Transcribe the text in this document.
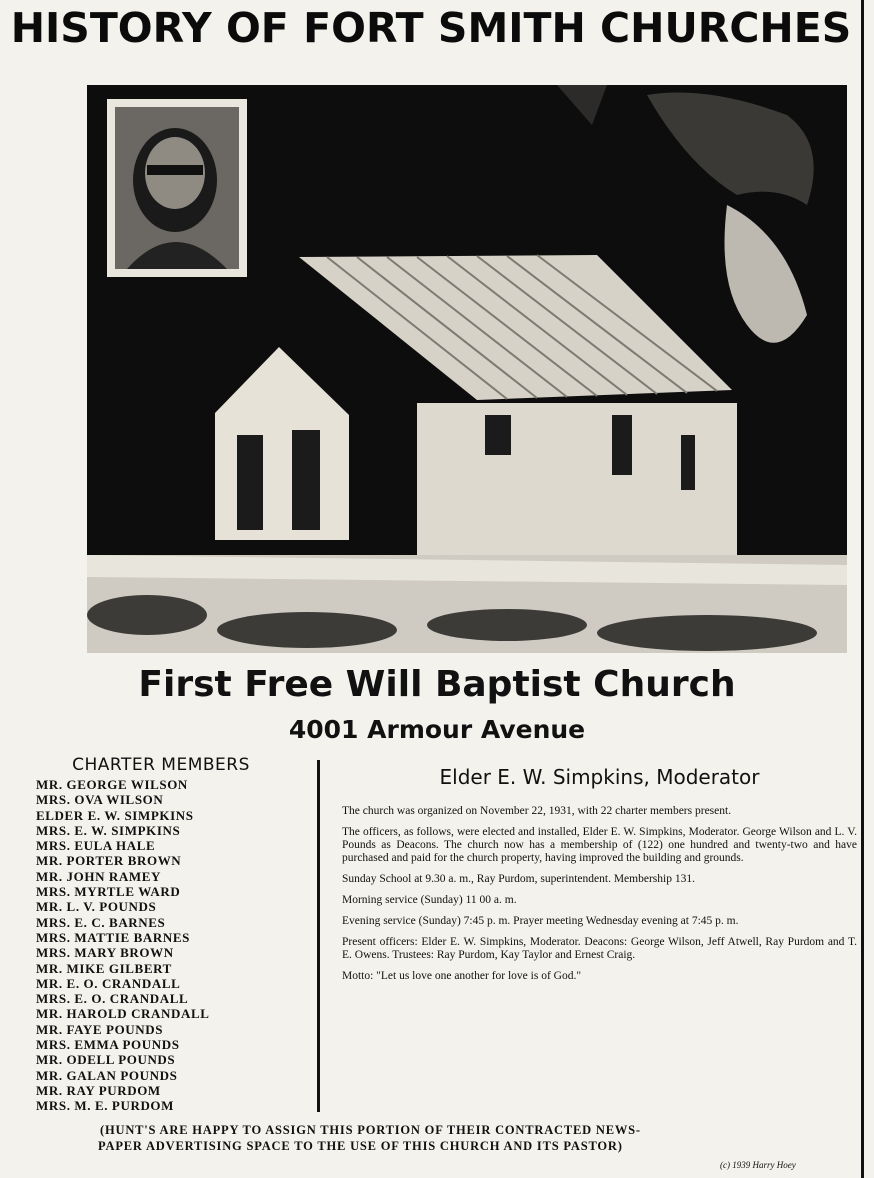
HISTORY OF FORT SMITH CHURCHES
First Free Will Baptist Church
4001 Armour Avenue
CHARTER MEMBERS
MR. GEORGE WILSON
MRS. OVA WILSON
ELDER E. W. SIMPKINS
MRS. E. W. SIMPKINS
MRS. EULA HALE
MR. PORTER BROWN
MR. JOHN RAMEY
MRS. MYRTLE WARD
MR. L. V. POUNDS
MRS. E. C. BARNES
MRS. MATTIE BARNES
MRS. MARY BROWN
MR. MIKE GILBERT
MR. E. O. CRANDALL
MRS. E. O. CRANDALL
MR. HAROLD CRANDALL
MR. FAYE POUNDS
MRS. EMMA POUNDS
MR. ODELL POUNDS
MR. GALAN POUNDS
MR. RAY PURDOM
MRS. M. E. PURDOM
Elder E. W. Simpkins, Moderator

The church was organized on November 22, 1931, with 22 charter members present.

The officers, as follows, were elected and installed, Elder E. W. Simpkins, Moderator. George Wilson and L. V. Pounds as Deacons. The church now has a membership of (122) one hundred and twenty-two and have purchased and paid for the church property, having improved the building and grounds.

Sunday School at 9.30 a. m., Ray Purdom, superintendent. Membership 131.

Morning service (Sunday) 11 00 a. m.

Evening service (Sunday) 7:45 p. m. Prayer meeting Wednesday evening at 7:45 p. m.

Present officers: Elder E. W. Simpkins, Moderator. Deacons: George Wilson, Jeff Atwell, Ray Purdom and T. E. Owens. Trustees: Ray Purdom, Kay Taylor and Ernest Craig.

Motto: "Let us love one another for love is of God."

(HUNT'S ARE HAPPY TO ASSIGN THIS PORTION OF THEIR CONTRACTED NEWS-
PAPER ADVERTISING SPACE TO THE USE OF THIS CHURCH AND ITS PASTOR)
(c) 1939 Harry Hoey
